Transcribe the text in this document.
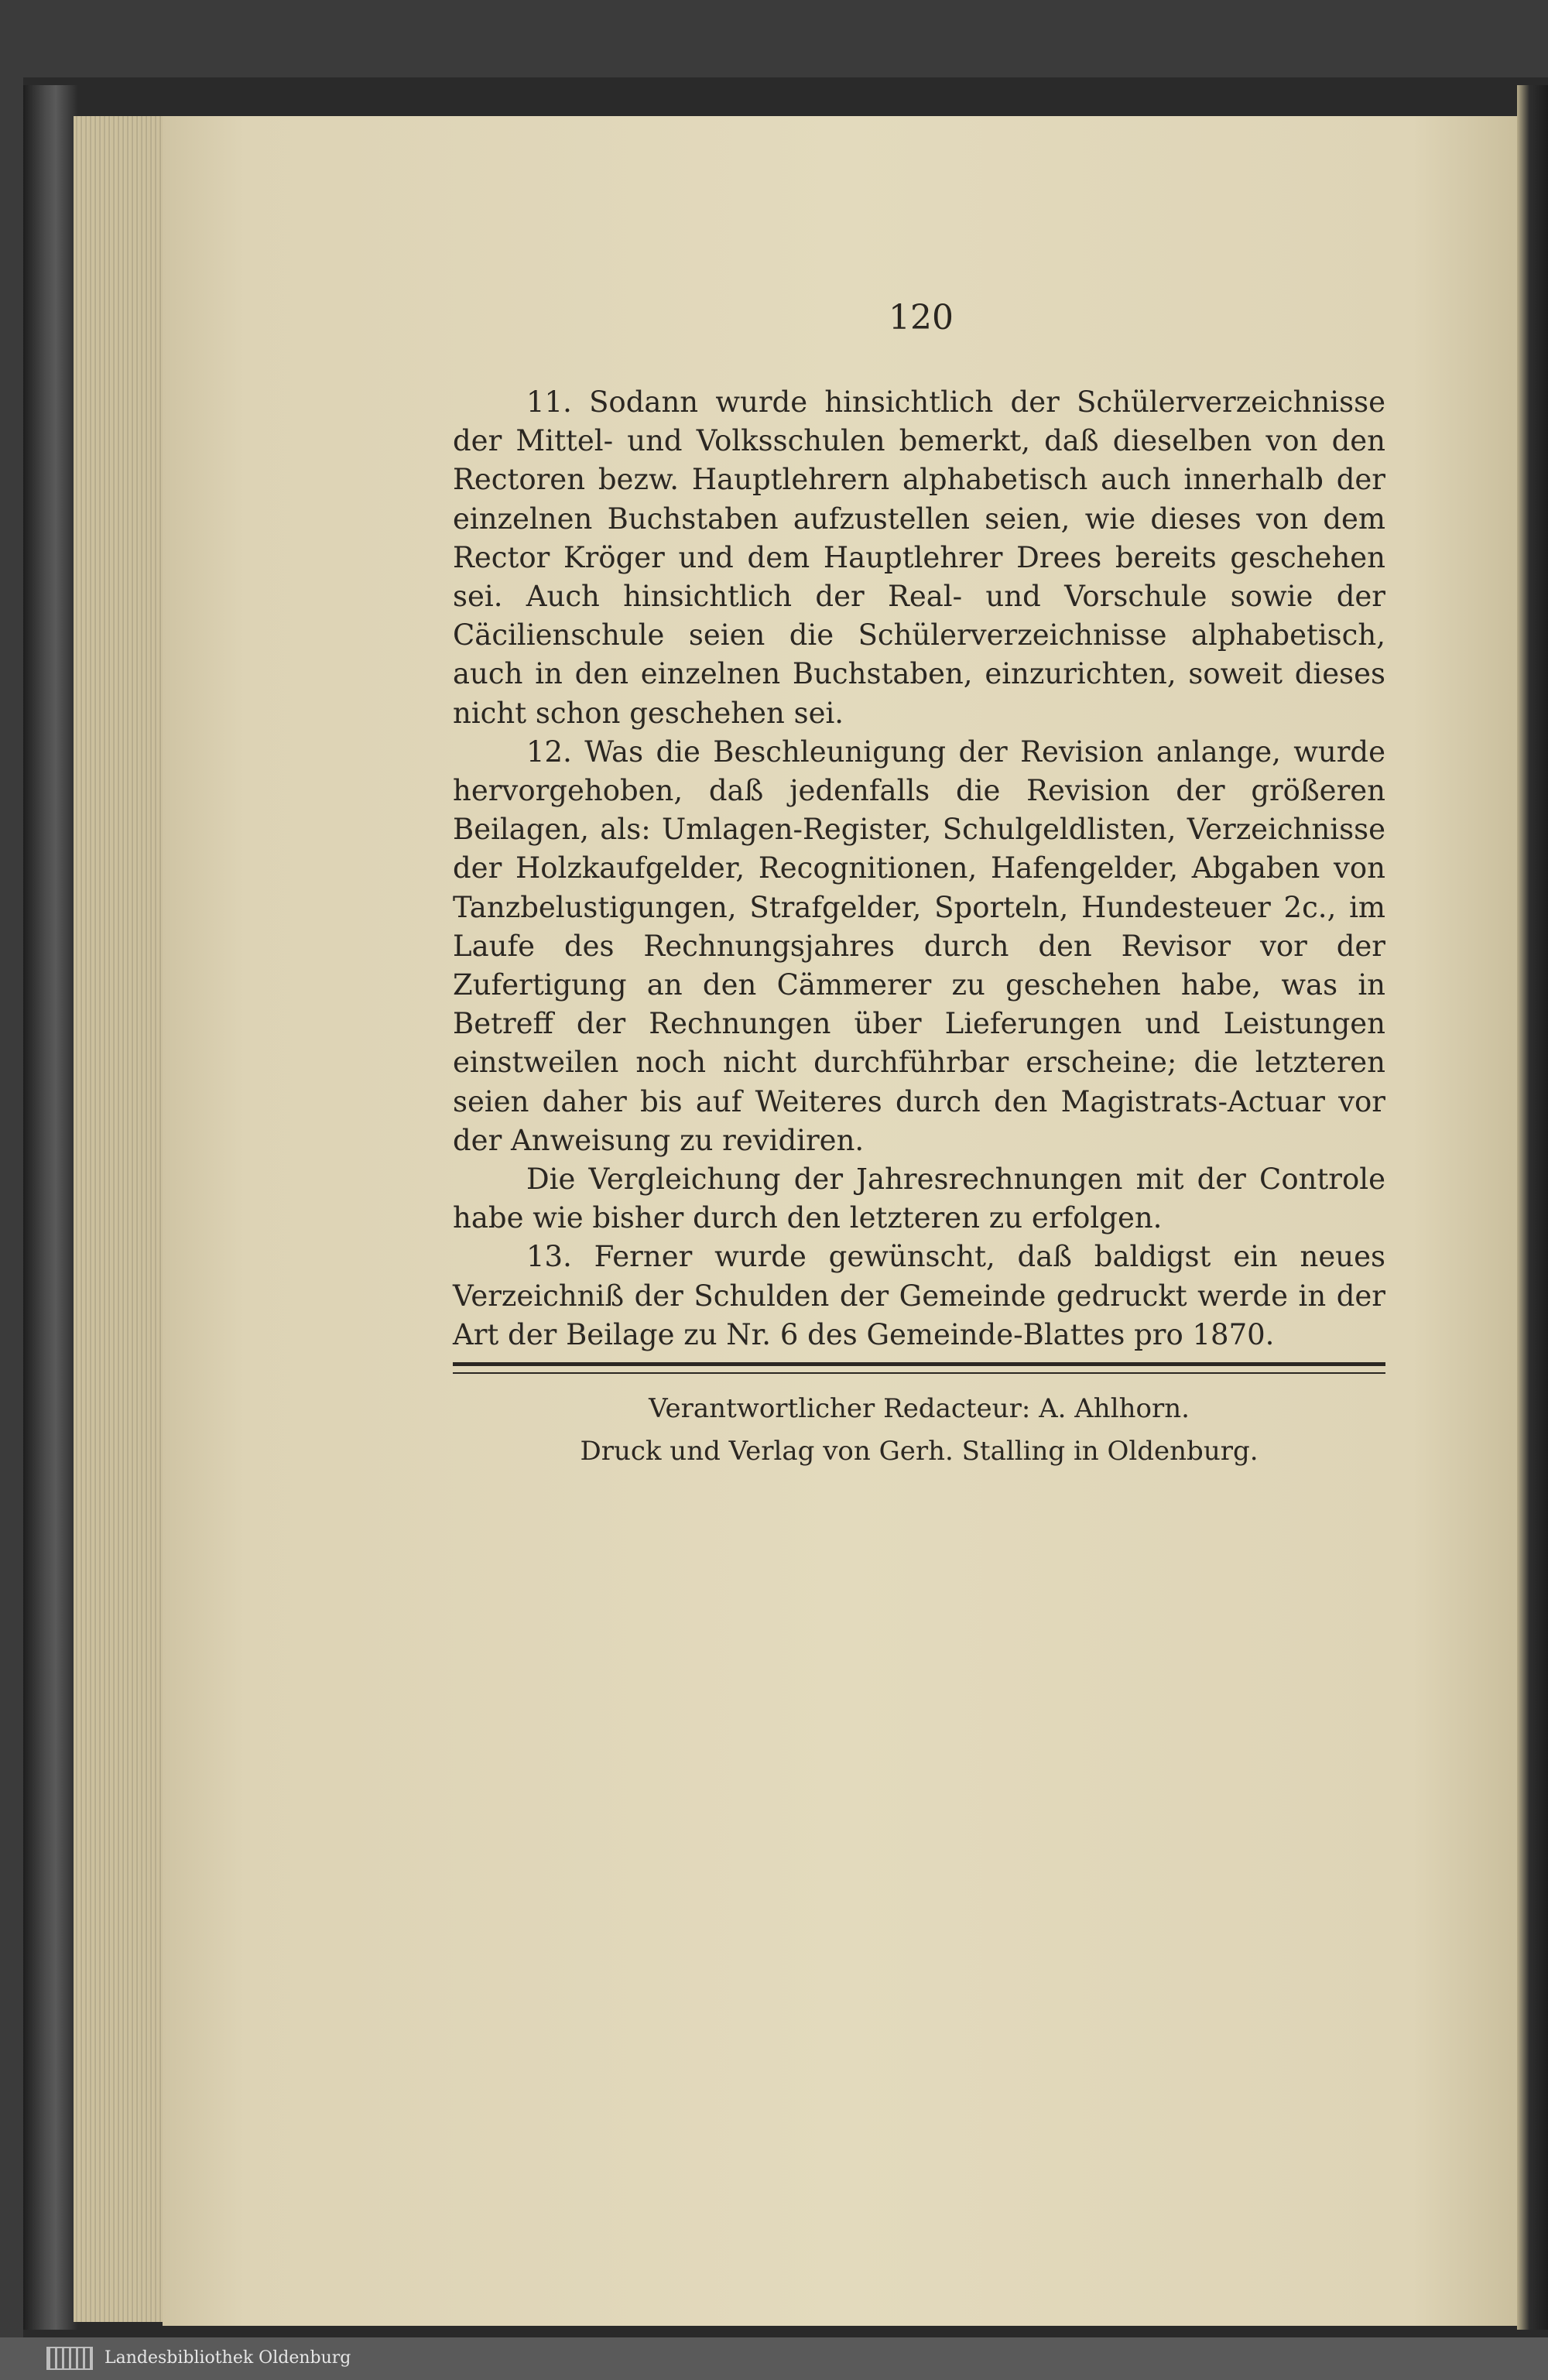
120

11. Sodann wurde hinsichtlich der Schülerverzeichnisse der Mittel- und Volksschulen bemerkt, daß dieselben von den Rectoren bezw. Hauptlehrern alphabetisch auch innerhalb der einzelnen Buchstaben aufzustellen seien, wie dieses von dem Rector Kröger und dem Hauptlehrer Drees bereits geschehen sei. Auch hinsichtlich der Real- und Vorschule sowie der Cäcilienschule seien die Schülerverzeichnisse alphabetisch, auch in den einzelnen Buchstaben, einzurichten, soweit dieses nicht schon geschehen sei.

12. Was die Beschleunigung der Revision anlange, wurde hervorgehoben, daß jedenfalls die Revision der größeren Beilagen, als: Umlagen-Register, Schulgeldlisten, Verzeichnisse der Holzkaufgelder, Recognitionen, Hafengelder, Abgaben von Tanzbelustigungen, Strafgelder, Sporteln, Hundesteuer 2c., im Laufe des Rechnungsjahres durch den Revisor vor der Zufertigung an den Cämmerer zu geschehen habe, was in Betreff der Rechnungen über Lieferungen und Leistungen einstweilen noch nicht durchführbar erscheine; die letzteren seien daher bis auf Weiteres durch den Magistrats-Actuar vor der Anweisung zu revidiren.

Die Vergleichung der Jahresrechnungen mit der Controle habe wie bisher durch den letzteren zu erfolgen.

13. Ferner wurde gewünscht, daß baldigst ein neues Verzeichniß der Schulden der Gemeinde gedruckt werde in der Art der Beilage zu Nr. 6 des Gemeinde-Blattes pro 1870.

Verantwortlicher Redacteur: A. Ahlhorn.
Druck und Verlag von Gerh. Stalling in Oldenburg.
Landesbibliothek Oldenburg
